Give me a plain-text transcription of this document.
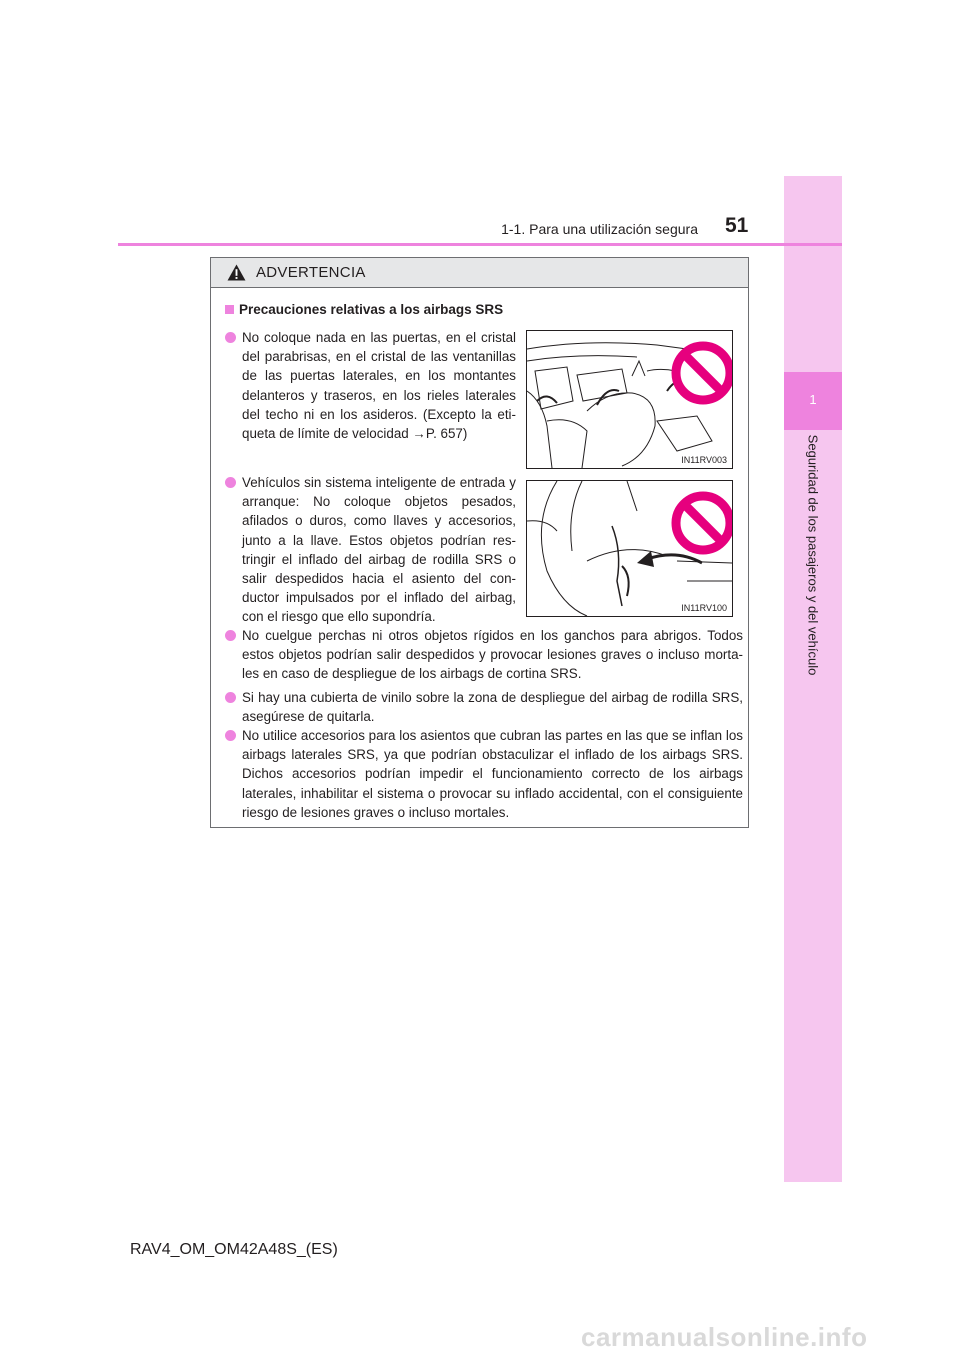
1
Seguridad de los pasajeros y del vehículo
1-1. Para una utilización segura 51
ADVERTENCIA
Precauciones relativas a los airbags SRS
No coloque nada en las puertas, en el cristal del parabrisas, en el cristal de las ventanillas de las puertas laterales, en los montantes delanteros y traseros, en los rieles laterales del techo ni en los asideros. (Excepto la etiqueta de límite de velocidad →P. 657)
IN11RV003
Vehículos sin sistema inteligente de entrada y arranque: No coloque objetos pesados, afilados o duros, como llaves y accesorios, junto a la llave. Estos objetos podrían restringir el inflado del airbag de rodilla SRS o salir despedidos hacia el asiento del conductor impulsados por el inflado del airbag, con el riesgo que ello supondría.
IN11RV100
No cuelgue perchas ni otros objetos rígidos en los ganchos para abrigos. Todos estos objetos podrían salir despedidos y provocar lesiones graves o incluso mortales en caso de despliegue de los airbags de cortina SRS.
Si hay una cubierta de vinilo sobre la zona de despliegue del airbag de rodilla SRS, asegúrese de quitarla.
No utilice accesorios para los asientos que cubran las partes en las que se inflan los airbags laterales SRS, ya que podrían obstaculizar el inflado de los airbags SRS. Dichos accesorios podrían impedir el funcionamiento correcto de los airbags laterales, inhabilitar el sistema o provocar su inflado accidental, con el consiguiente riesgo de lesiones graves o incluso mortales.
RAV4_OM_OM42A48S_(ES)
carmanualsonline.info
